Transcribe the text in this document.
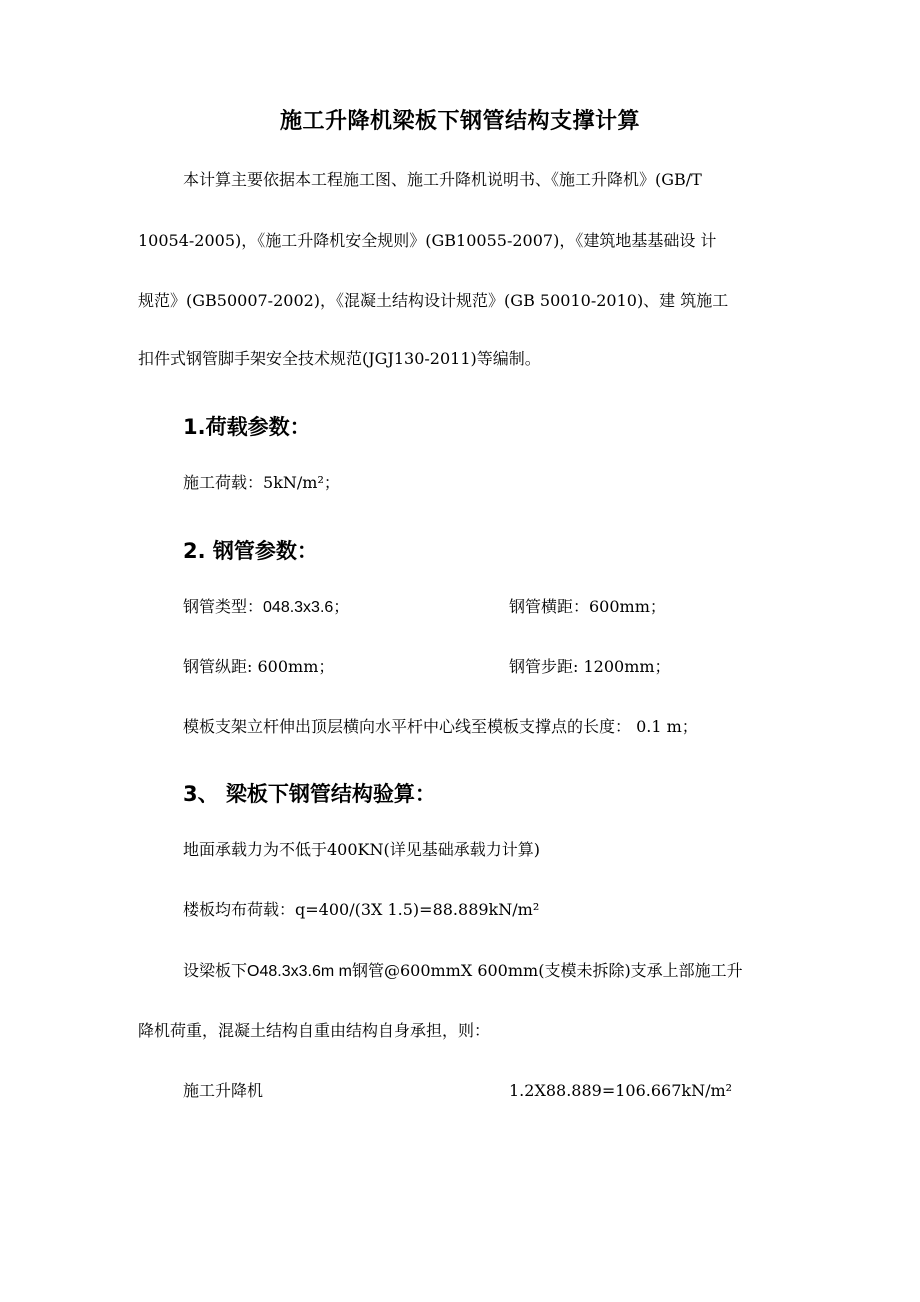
施工升降机梁板下钢管结构支撑计算
本计算主要依据本工程施工图、施工升降机说明书、《施工升降机》(GB/T
10054-2005)，《施工升降机安全规则》(GB10055-2007)，《建筑地基基础设 计
规范》(GB50007-2002)，《混凝土结构设计规范》(GB 50010-2010)、建 筑施工
扣件式钢管脚手架安全技术规范(JGJ130-2011)等编制。
1.荷载参数：
施工荷载：5kN/m²；
2. 钢管参数：
钢管类型：048.3x3.6；	钢管横距：600mm；
钢管纵距: 600mm；	钢管步距: 1200mm；
模板支架立杆伸出顶层横向水平杆中心线至模板支撑点的长度： 0.1 m；
3、 梁板下钢管结构验算：
地面承载力为不低于400KN(详见基础承载力计算)
楼板均布荷载：q=400/(3X 1.5)=88.889kN/m²
设梁板下O48.3x3.6m m钢管@600mmX 600mm(支模未拆除)支承上部施工升
降机荷重，混凝土结构自重由结构自身承担，则：
施工升降机	1.2X88.889=106.667kN/m²
